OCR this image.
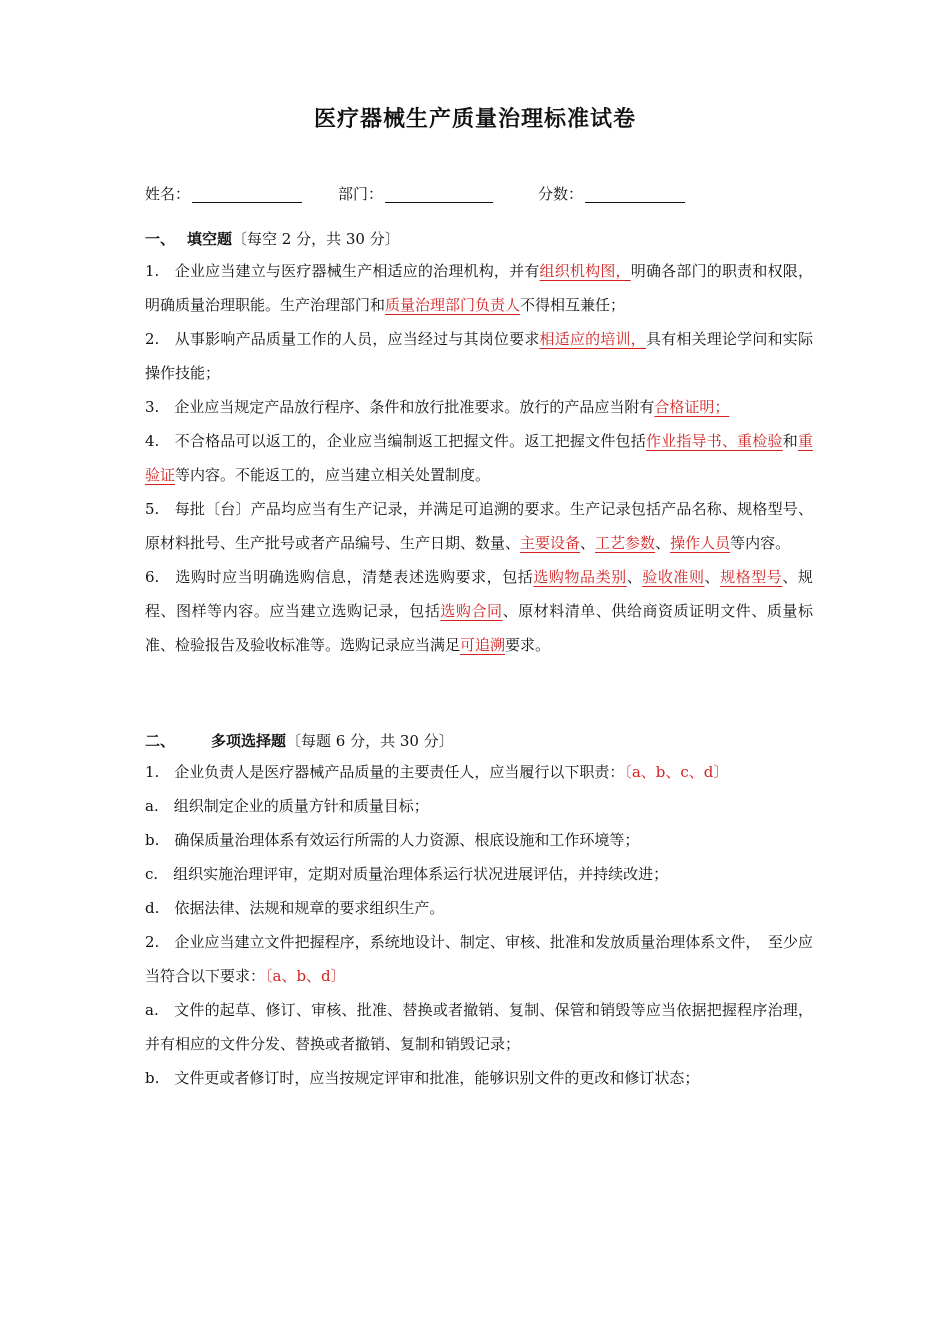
医疗器械生产质量治理标准试卷
姓名：	部门：	分数：
一、 填空题〔每空 2 分，共 30 分〕

1.　企业应当建立与医疗器械生产相适应的治理机构，并有组织机构图，明确各部门的职责和权限，明确质量治理职能。生产治理部门和质量治理部门负责人不得相互兼任；

2.　从事影响产品质量工作的人员，应当经过与其岗位要求相适应的培训，具有相关理论学问和实际操作技能；

3.　企业应当规定产品放行程序、条件和放行批准要求。放行的产品应当附有合格证明；

4.　不合格品可以返工的，企业应当编制返工把握文件。返工把握文件包括作业指导书、重检验和重验证等内容。不能返工的，应当建立相关处置制度。

5.　每批〔台〕产品均应当有生产记录，并满足可追溯的要求。生产记录包括产品名称、规格型号、原材料批号、生产批号或者产品编号、生产日期、数量、主要设备、工艺参数、操作人员等内容。

6.　选购时应当明确选购信息，清楚表述选购要求，包括选购物品类别、验收准则、规格型号、规程、图样等内容。应当建立选购记录，包括选购合同、原材料清单、供给商资质证明文件、质量标准、检验报告及验收标准等。选购记录应当满足可追溯要求。

二、 多项选择题〔每题 6 分，共 30 分〕

1.　企业负责人是医疗器械产品质量的主要责任人，应当履行以下职责：〔a、b、c、d〕

a.　组织制定企业的质量方针和质量目标；

b.　确保质量治理体系有效运行所需的人力资源、根底设施和工作环境等；

c.　组织实施治理评审，定期对质量治理体系运行状况进展评估，并持续改进；

d.　依据法律、法规和规章的要求组织生产。

2.　企业应当建立文件把握程序，系统地设计、制定、审核、批准和发放质量治理体系文件，　至少应当符合以下要求：〔a、b、d〕

a.　文件的起草、修订、审核、批准、替换或者撤销、复制、保管和销毁等应当依据把握程序治理，并有相应的文件分发、替换或者撤销、复制和销毁记录；

b.　文件更或者修订时，应当按规定评审和批准，能够识别文件的更改和修订状态；
